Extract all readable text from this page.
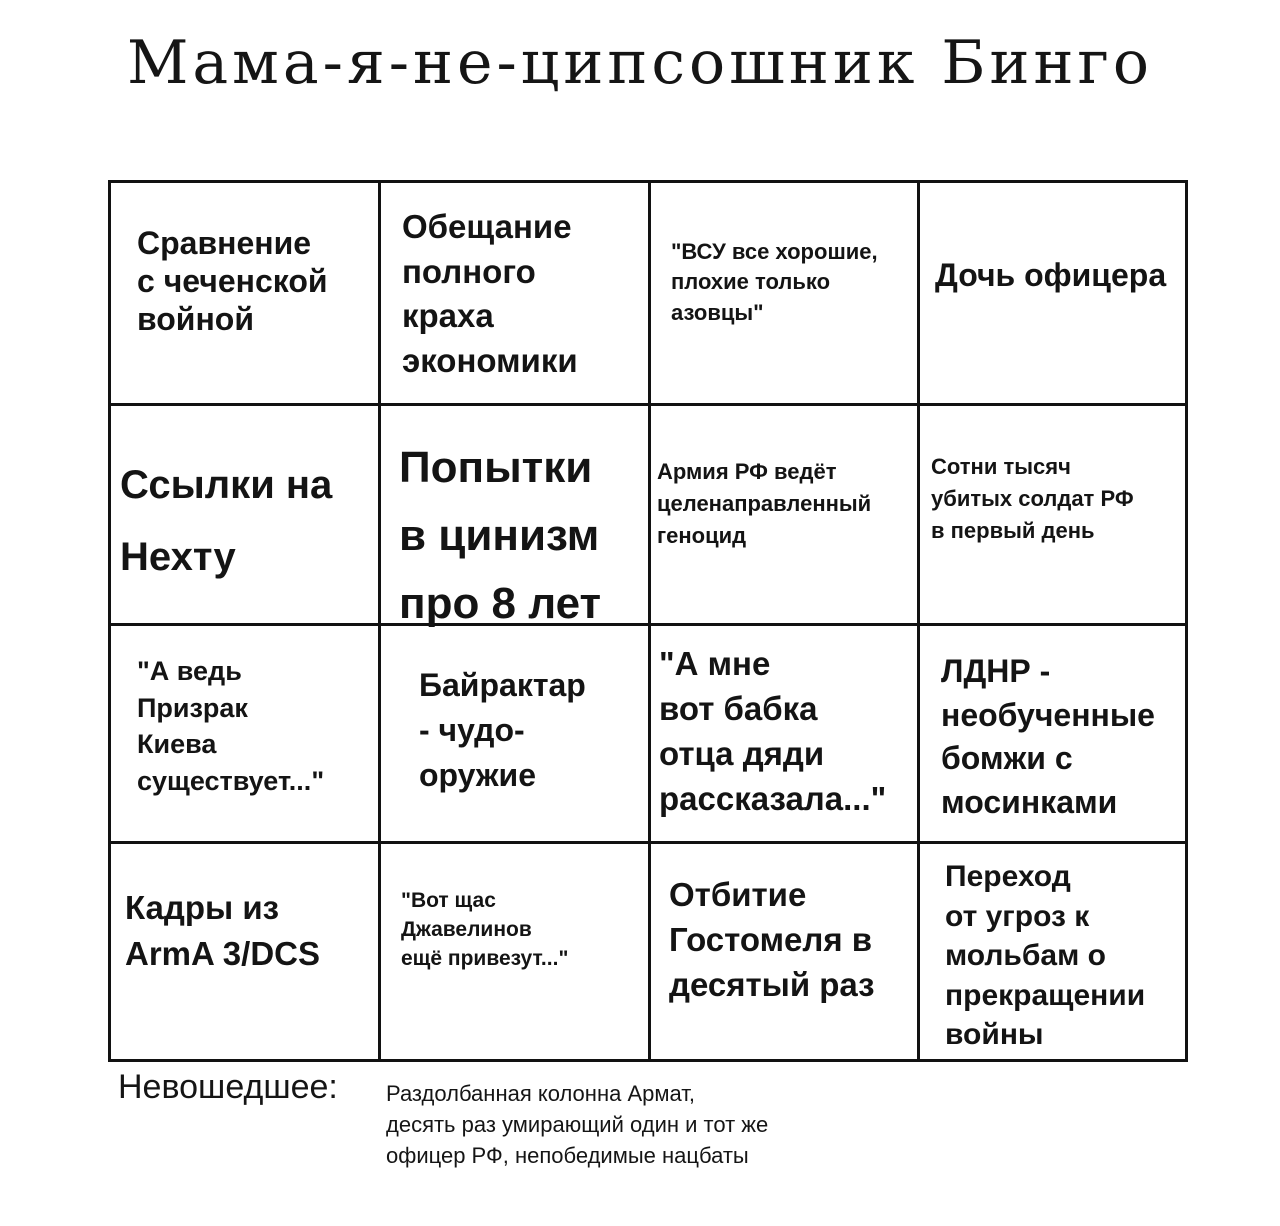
Мама-я-не-ципсошник Бинго
Сравнение
с чеченской
войной
Обещание
полного
краха
экономики
"ВСУ все хорошие,
плохие только
азовцы"
Дочь офицера
Ссылки на
Нехту
Попытки
в цинизм
про 8 лет
Армия РФ ведёт
целенаправленный
геноцид
Сотни тысяч
убитых солдат РФ
в первый день
"А ведь
Призрак
Киева
существует..."
Байрактар
- чудо-
оружие
"А мне
вот бабка
отца дяди
рассказала..."
ЛДНР -
необученные
бомжи с
мосинками
Кадры из
ArmA 3/DCS
"Вот щас
Джавелинов
ещё привезут..."
Отбитие
Гостомеля в
десятый раз
Переход
от угроз к
мольбам о
прекращении
войны
Невошедшее: Раздолбанная колонна Армат,
десять раз умирающий один и тот же
офицер РФ, непобедимые нацбаты
